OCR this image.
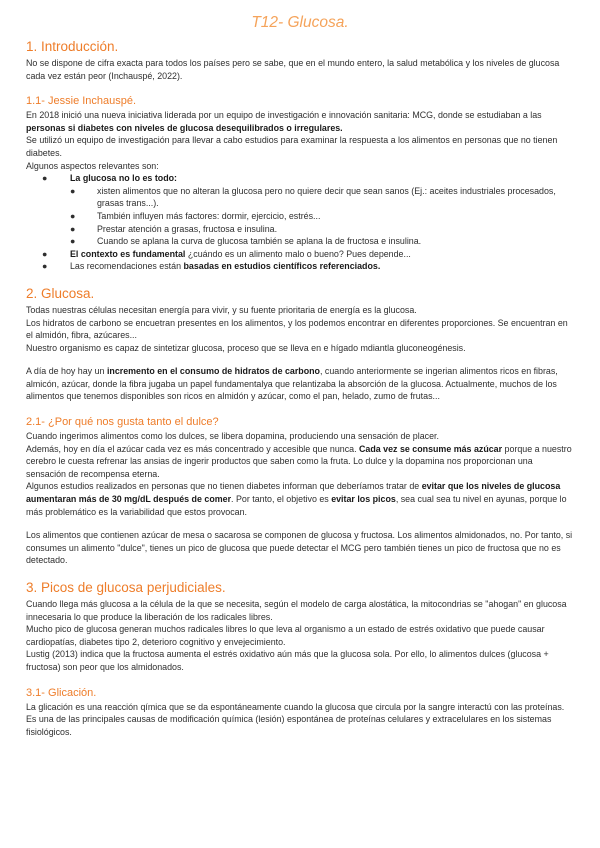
T12- Glucosa.
1. Introducción.

No se dispone de cifra exacta para todos los países pero se sabe, que en el mundo entero, la salud metabólica y los niveles de glucosa cada vez están peor (Inchauspé, 2022).

1.1- Jessie Inchauspé.

En 2018 inició una nueva iniciativa liderada por un equipo de investigación e innovación sanitaria: MCG, donde se estudiaban a las personas si diabetes con niveles de glucosa desequilibrados o irregulares.

Se utilizó un equipo de investigación para llevar a cabo estudios para examinar la respuesta a los alimentos en personas que no tienen diabetes.

Algunos aspectos relevantes son:

●	La glucosa no lo es todo:
● xisten alimentos que no alteran la glucosa pero no quiere decir que sean sanos (Ej.: aceites industriales procesados, grasas trans...).
● También influyen más factores: dormir, ejercicio, estrés...
● Prestar atención a grasas, fructosa e insulina.
● Cuando se aplana la curva de glucosa también se aplana la de fructosa e insulina.
●	El contexto es fundamental ¿cuándo es un alimento malo o bueno? Pues depende...
●	Las recomendaciones están basadas en estudios científicos referenciados.
2. Glucosa.

Todas nuestras células necesitan energía para vivir, y su fuente prioritaria de energía es la glucosa.

Los hidratos de carbono se encuetran presentes en los alimentos, y los podemos encontrar en diferentes proporciones. Se encuentran en el almidón, fibra, azúcares...

Nuestro organismo es capaz de sintetizar glucosa, proceso que se lleva en e hígado mdiantla gluconeogénesis.

A día de hoy hay un incremento en el consumo de hidratos de carbono, cuando anteriormente se ingerian alimentos ricos en fibras, almicón, azúcar, donde la fibra jugaba un papel fundamentalya que relantizaba la absorción de la glucosa. Actualmente, muchos de los alimentos que tenemos disponibles son ricos en almidón y azúcar, como el pan, helado, zumo de frutas...

2.1- ¿Por qué nos gusta tanto el dulce?

Cuando ingerimos alimentos como los dulces, se libera dopamina, produciendo una sensación de placer.

Además, hoy en día el azúcar cada vez es más concentrado y accesible que nunca. Cada vez se consume más azúcar porque a nuestro cerebro le cuesta refrenar las ansias de ingerir productos que saben como la fruta. Lo dulce y la dopamina nos proporcionan una sensación de recompensa eterna.

Algunos estudios realizados en personas que no tienen diabetes informan que deberíamos tratar de evitar que los niveles de glucosa aumentaran más de 30 mg/dL después de comer. Por tanto, el objetivo es evitar los picos, sea cual sea tu nivel en ayunas, porque lo más problemático es la variabilidad que estos provocan.

Los alimentos que contienen azúcar de mesa o sacarosa se componen de glucosa y fructosa. Los alimentos almidonados, no. Por tanto, si consumes un alimento "dulce", tienes un pico de glucosa que puede detectar el MCG pero también tienes un pico de fructosa que no es detectado.

3. Picos de glucosa perjudiciales.

Cuando llega más glucosa a la célula de la que se necesita, según el modelo de carga alostática, la mitocondrias se "ahogan" en glucosa innecesaria lo que produce la liberación de los radicales libres.

Mucho pico de glucosa generan muchos radicales libres lo que leva al organismo a un estado de estrés oxidativo que puede causar cardiopatías, diabetes tipo 2, deterioro cognitivo y envejecimiento.

Lustig (2013) indica que la fructosa aumenta el estrés oxidativo aún más que la glucosa sola. Por ello, lo alimentos dulces (glucosa + fructosa) son peor que los almidonados.

3.1- Glicación.

La glicación es una reacción qímica que se da espontáneamente cuando la glucosa que circula por la sangre interactú con las proteínas.

Es una de las principales causas de modificación química (lesión) espontánea de proteínas celulares y extracelulares en los sistemas fisiológicos.
